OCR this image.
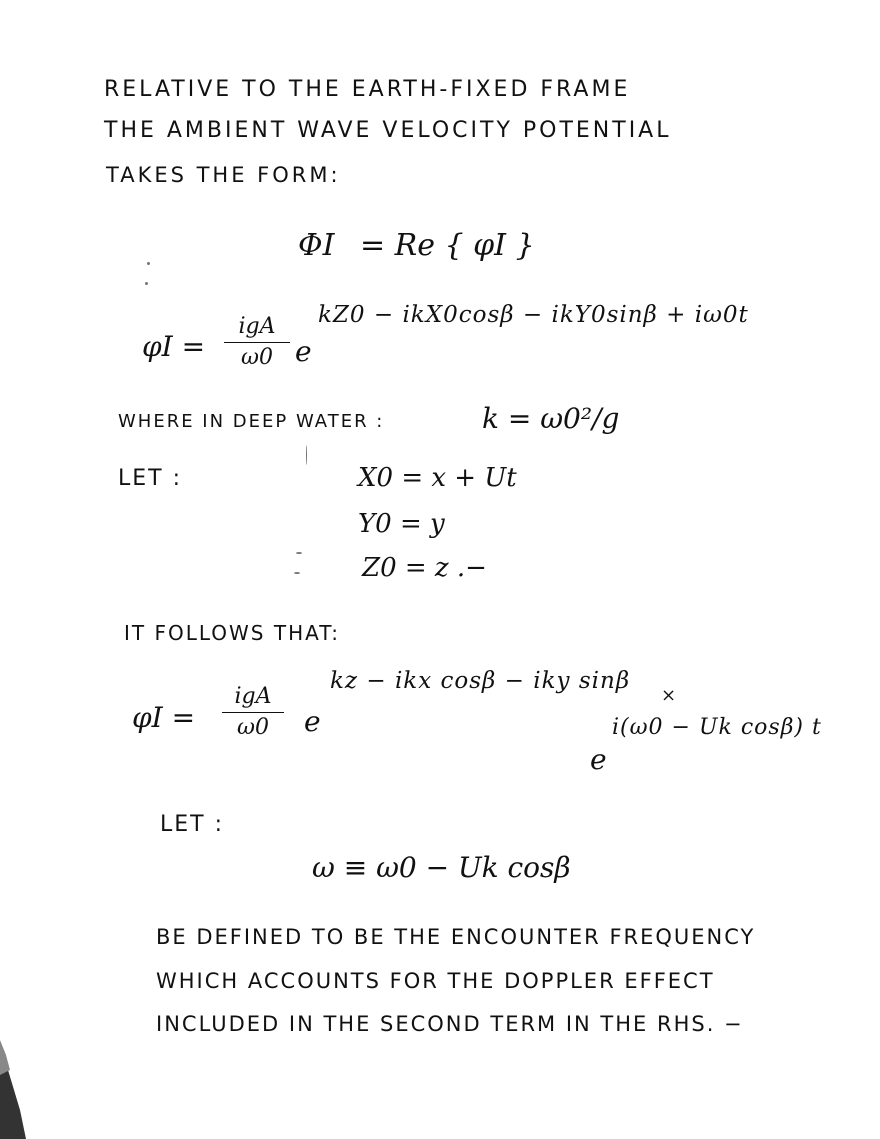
RELATIVE TO THE EARTH-FIXED FRAME
THE AMBIENT WAVE VELOCITY POTENTIAL
TAKES THE FORM:
ΦI = Re { φI }
φI =
igA
ω0 e
kZ0 − ikX0cosβ − ikY0sinβ + iω0t
WHERE IN DEEP WATER :	k = ω0²/g
LET :	X0 = x + Ut
Y0 = y
Z0 = z .−
IT FOLLOWS THAT:
φI =
igA
ω0	e
kz − ikx cosβ − iky sinβ
×
e
i(ω0 − Uk cosβ) t
LET :
ω ≡ ω0 − Uk cosβ
BE DEFINED TO BE THE ENCOUNTER FREQUENCY
WHICH ACCOUNTS FOR THE DOPPLER EFFECT
INCLUDED IN THE SECOND TERM IN THE RHS. −
